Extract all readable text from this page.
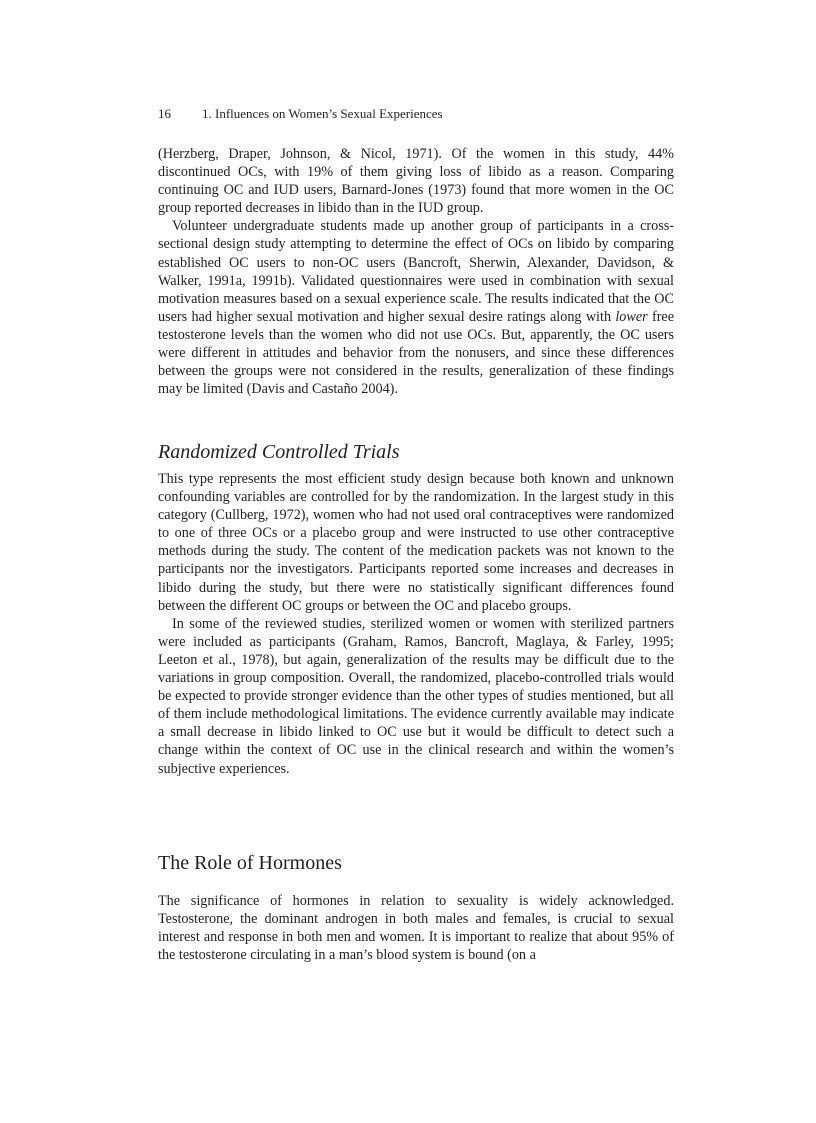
16 1. Influences on Women’s Sexual Experiences

(Herzberg, Draper, Johnson, & Nicol, 1971). Of the women in this study, 44% discontinued OCs, with 19% of them giving loss of libido as a reason. Comparing continuing OC and IUD users, Barnard-Jones (1973) found that more women in the OC group reported decreases in libido than in the IUD group.

Volunteer undergraduate students made up another group of participants in a cross-sectional design study attempting to determine the effect of OCs on libido by comparing established OC users to non-OC users (Bancroft, Sherwin, Alexander, Davidson, & Walker, 1991a, 1991b). Validated questionnaires were used in combination with sexual motivation measures based on a sexual experience scale. The results indicated that the OC users had higher sexual motivation and higher sexual desire ratings along with lower free testosterone levels than the women who did not use OCs. But, apparently, the OC users were different in attitudes and behavior from the nonusers, and since these differences between the groups were not considered in the results, generalization of these findings may be limited (Davis and Castaño 2004).

Randomized Controlled Trials

This type represents the most efficient study design because both known and unknown confounding variables are controlled for by the randomization. In the largest study in this category (Cullberg, 1972), women who had not used oral contraceptives were randomized to one of three OCs or a placebo group and were instructed to use other contraceptive methods during the study. The content of the medication packets was not known to the participants nor the investigators. Participants reported some increases and decreases in libido during the study, but there were no statistically significant differences found between the different OC groups or between the OC and placebo groups.

In some of the reviewed studies, sterilized women or women with sterilized partners were included as participants (Graham, Ramos, Bancroft, Maglaya, & Farley, 1995; Leeton et al., 1978), but again, generalization of the results may be difficult due to the variations in group composition. Overall, the randomized, placebo-controlled trials would be expected to provide stronger evidence than the other types of studies mentioned, but all of them include methodological limitations. The evidence currently available may indicate a small decrease in libido linked to OC use but it would be difficult to detect such a change within the context of OC use in the clinical research and within the women’s subjective experiences.

The Role of Hormones

The significance of hormones in relation to sexuality is widely acknowledged. Testosterone, the dominant androgen in both males and females, is crucial to sexual interest and response in both men and women. It is important to realize that about 95% of the testosterone circulating in a man’s blood system is bound (on a
